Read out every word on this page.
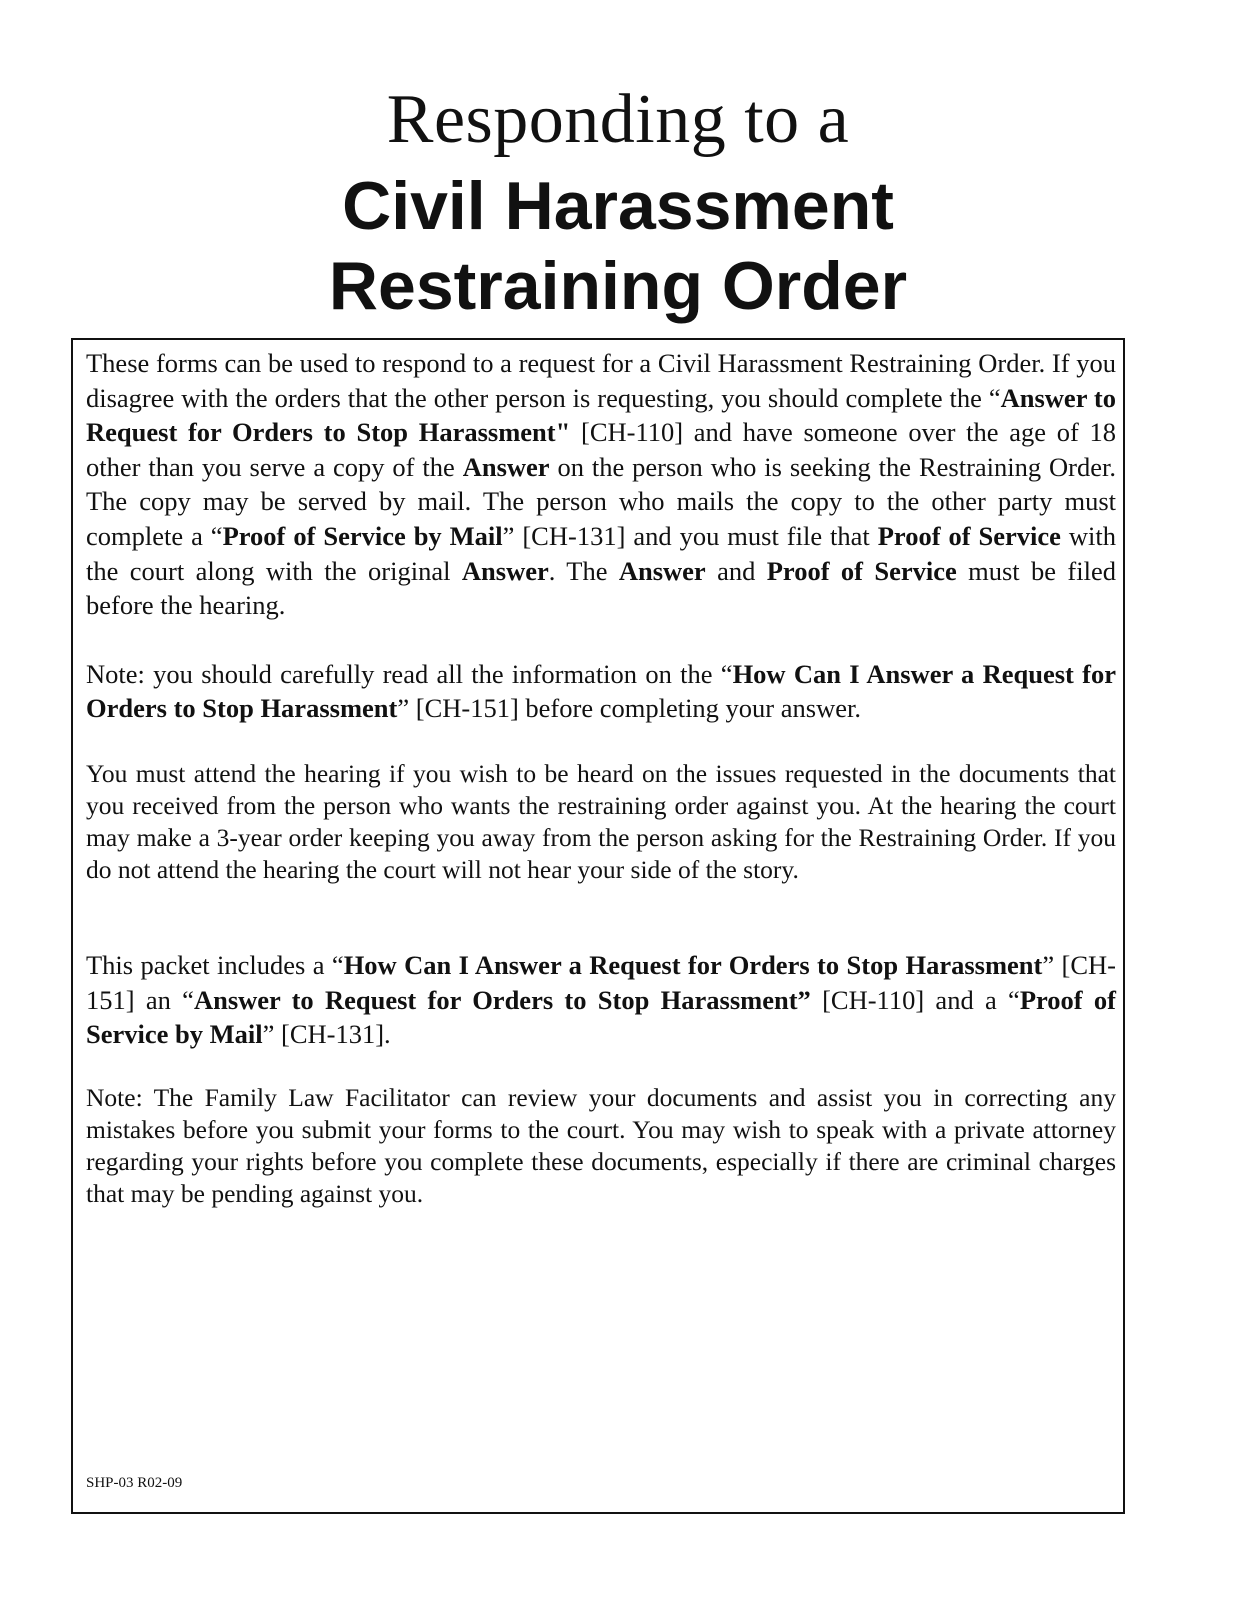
Responding to a
Civil Harassment
Restraining Order

These forms can be used to respond to a request for a Civil Harassment Restraining Order. If you disagree with the orders that the other person is requesting, you should complete the “Answer to Request for Orders to Stop Harassment" [CH-110] and have someone over the age of 18 other than you serve a copy of the Answer on the person who is seeking the Restraining Order. The copy may be served by mail. The person who mails the copy to the other party must complete a “Proof of Service by Mail” [CH-131] and you must file that Proof of Service with the court along with the original Answer. The Answer and Proof of Service must be filed before the hearing.

Note: you should carefully read all the information on the “How Can I Answer a Request for Orders to Stop Harassment” [CH-151] before completing your answer.

You must attend the hearing if you wish to be heard on the issues requested in the documents that you received from the person who wants the restraining order against you. At the hearing the court may make a 3-year order keeping you away from the person asking for the Restraining Order. If you do not attend the hearing the court will not hear your side of the story.

This packet includes a “How Can I Answer a Request for Orders to Stop Harassment” [CH-151] an “Answer to Request for Orders to Stop Harassment” [CH-110] and a “Proof of Service by Mail” [CH-131].

Note: The Family Law Facilitator can review your documents and assist you in correcting any mistakes before you submit your forms to the court. You may wish to speak with a private attorney regarding your rights before you complete these documents, especially if there are criminal charges that may be pending against you.

SHP-03 R02-09
